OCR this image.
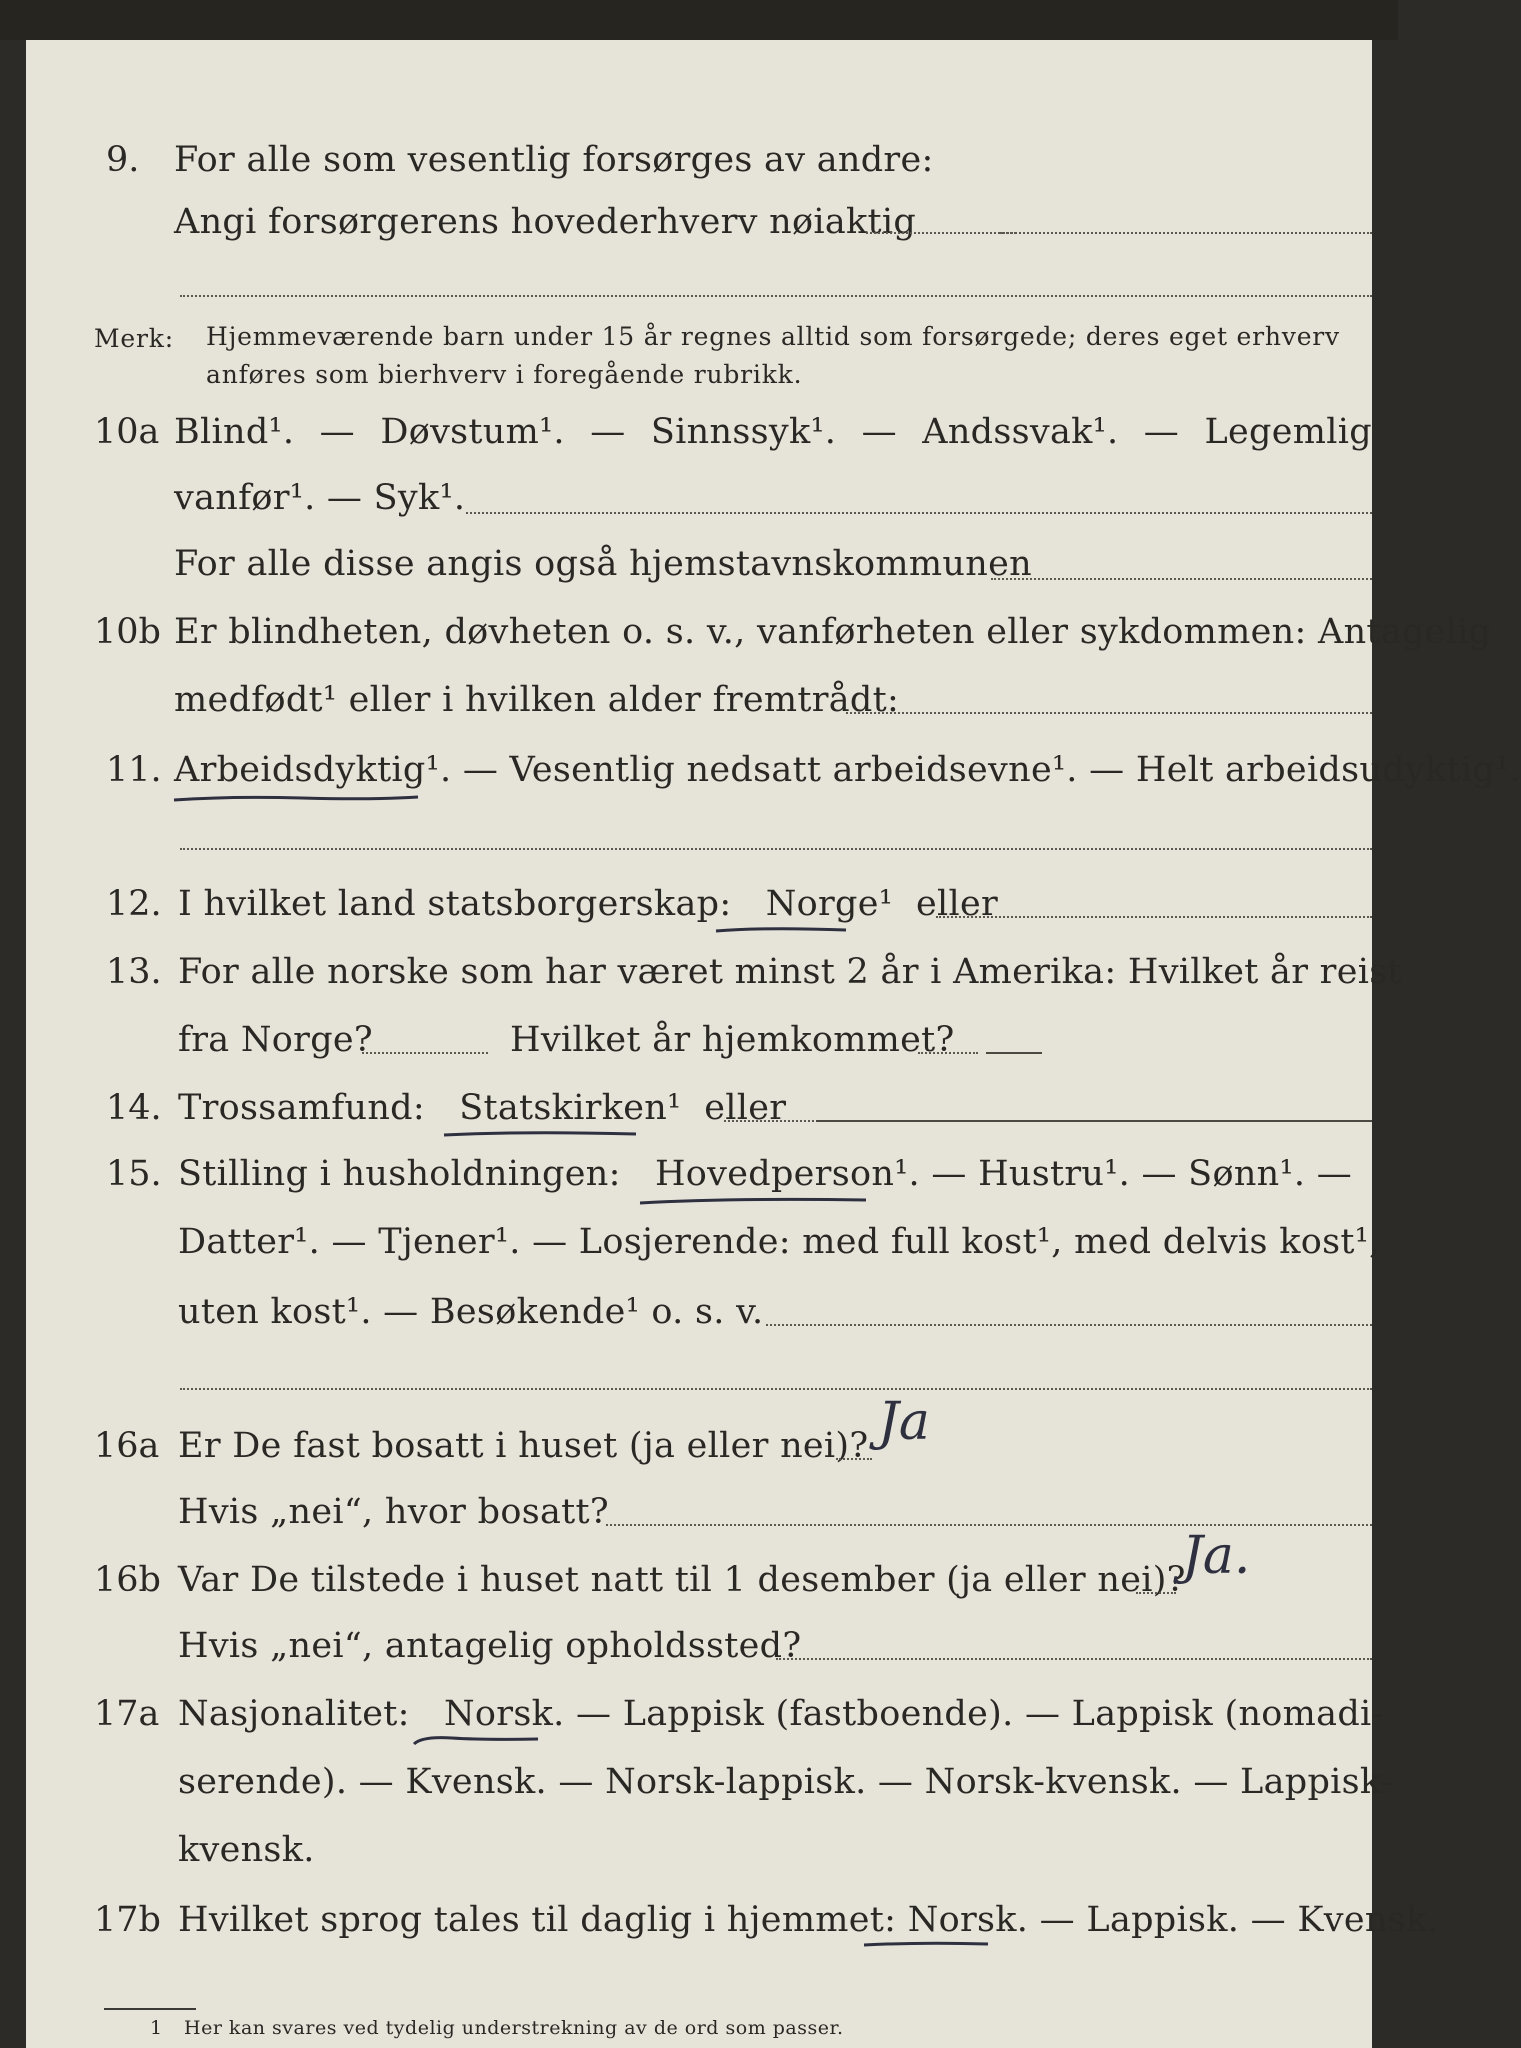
9. For alle som vesentlig forsørges av andre:
Angi forsørgerens hovederhverv nøiaktig
Merk: Hjemmeværende barn under 15 år regnes alltid som forsørgede; deres eget erhverv
anføres som bierhverv i foregående rubrikk.
10a Blind¹. — Døvstum¹. — Sinnssyk¹. — Andssvak¹. — Legemlig
vanfør¹. — Syk¹.
For alle disse angis også hjemstavnskommunen
10b Er blindheten, døvheten o. s. v., vanførheten eller sykdommen: Antagelig
medfødt¹ eller i hvilken alder fremtrådt:
11. Arbeidsdyktig¹. — Vesentlig nedsatt arbeidsevne¹. — Helt arbeidsudyktig¹.
12. I hvilket land statsborgerskap: Norge¹ eller
13. For alle norske som har været minst 2 år i Amerika: Hvilket år reist
fra Norge?	Hvilket år hjemkommet?
14. Trossamfund: Statskirken¹ eller
15. Stilling i husholdningen: Hovedperson¹. — Hustru¹. — Sønn¹. —
Datter¹. — Tjener¹. — Losjerende: med full kost¹, med delvis kost¹,
uten kost¹. — Besøkende¹ o. s. v.
16a Er De fast bosatt i huset (ja eller nei)? Ja
Hvis „nei“, hvor bosatt?
16b Var De tilstede i huset natt til 1 desember (ja eller nei)?
Ja.
Hvis „nei“, antagelig opholdssted?
17a Nasjonalitet: Norsk. — Lappisk (fastboende). — Lappisk (nomadi-
serende). — Kvensk. — Norsk-lappisk. — Norsk-kvensk. — Lappisk-
kvensk.
17b Hvilket sprog tales til daglig i hjemmet: Norsk. — Lappisk. — Kvensk.
1 Her kan svares ved tydelig understrekning av de ord som passer.
